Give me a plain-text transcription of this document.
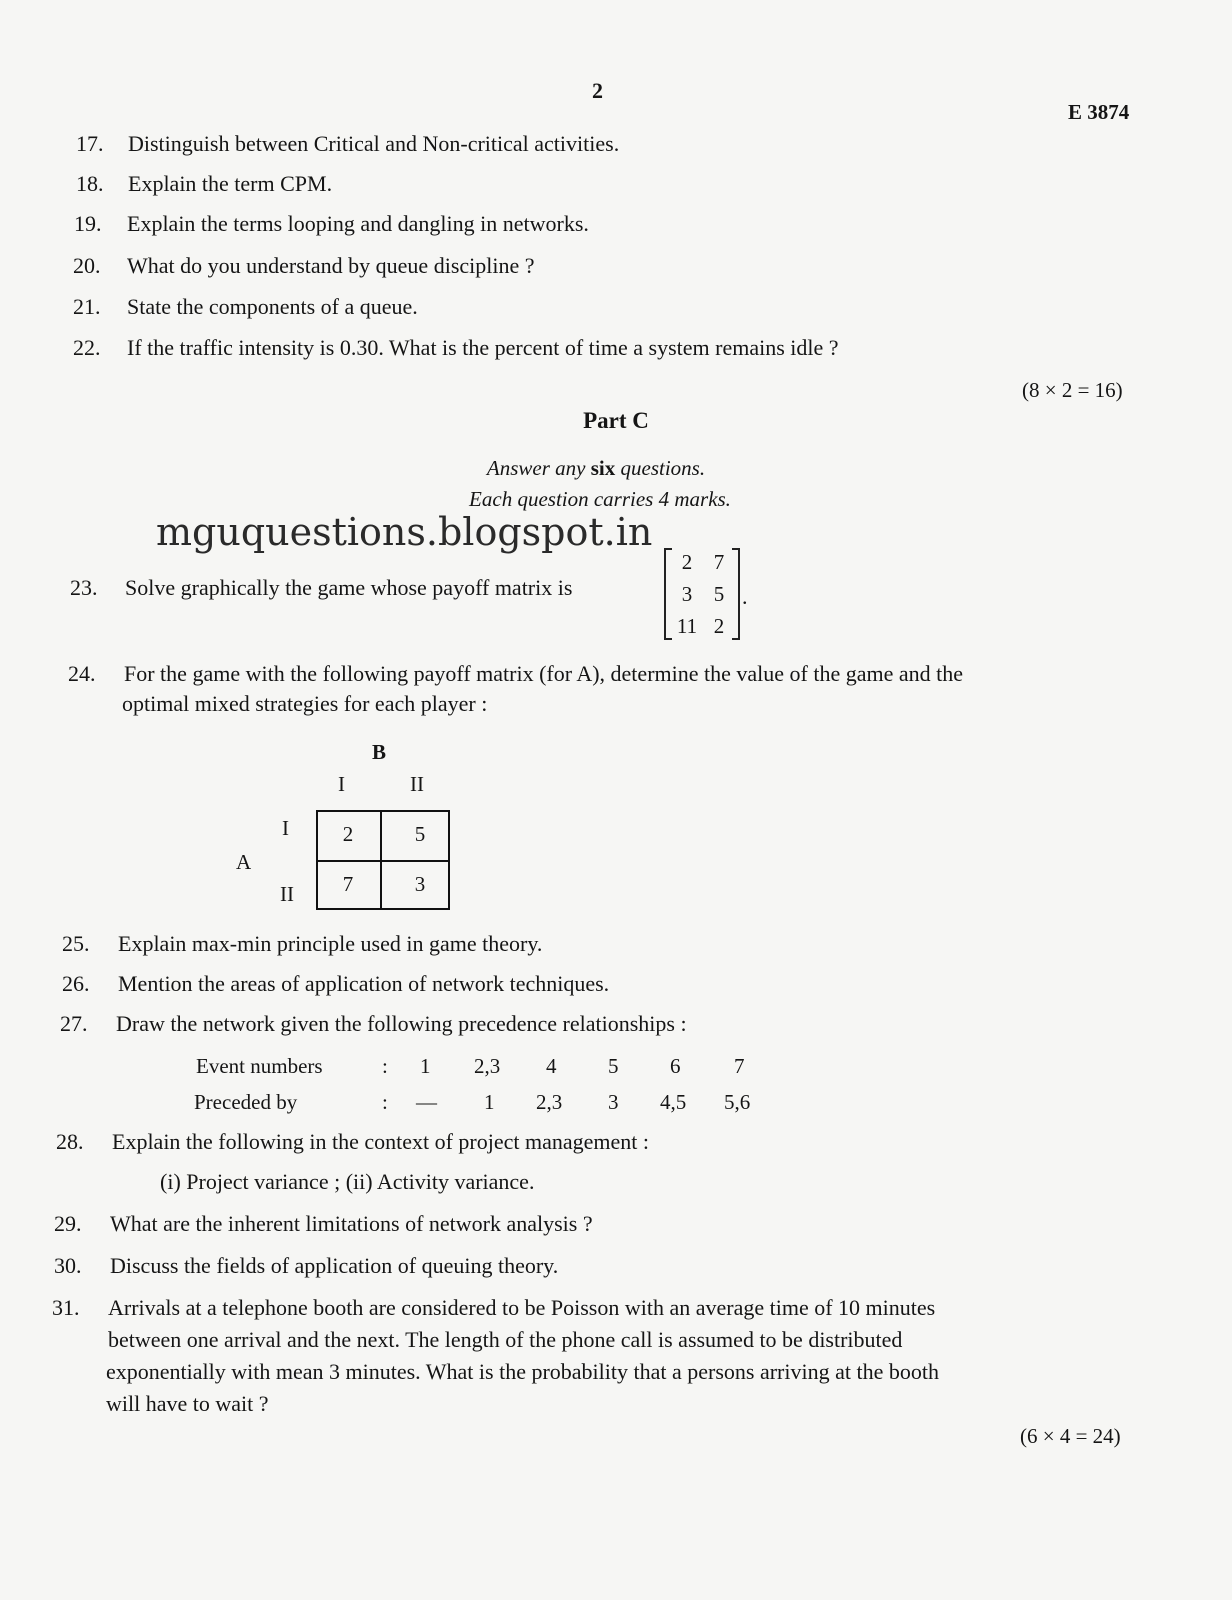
2
E 3874
17. Distinguish between Critical and Non-critical activities.
18. Explain the term CPM.
19. Explain the terms looping and dangling in networks.
20. What do you understand by queue discipline ?
21. State the components of a queue.
22. If the traffic intensity is 0.30. What is the percent of time a system remains idle ?
(8 × 2 = 16)
Part C
Answer any six questions.
Each question carries 4 marks.
mguquestions.blogspot.in
23. Solve graphically the game whose payoff matrix is
2	7
3	5
11 2
.
24. For the game with the following payoff matrix (for A), determine the value of the game and the
optimal mixed strategies for each player :
B
I	II
I
II
A
2	5
7	3
25. Explain max-min principle used in game theory.
26. Mention the areas of application of network techniques.
27. Draw the network given the following precedence relationships :
Event numbers	: 1 2,3 4 5 6	7
Preceded by	: — 1 2,3 3 4,5 5,6
28. Explain the following in the context of project management :
(i) Project variance ; (ii) Activity variance.
29. What are the inherent limitations of network analysis ?
30. Discuss the fields of application of queuing theory.
31. Arrivals at a telephone booth are considered to be Poisson with an average time of 10 minutes
between one arrival and the next. The length of the phone call is assumed to be distributed
exponentially with mean 3 minutes. What is the probability that a persons arriving at the booth
will have to wait ?
(6 × 4 = 24)
